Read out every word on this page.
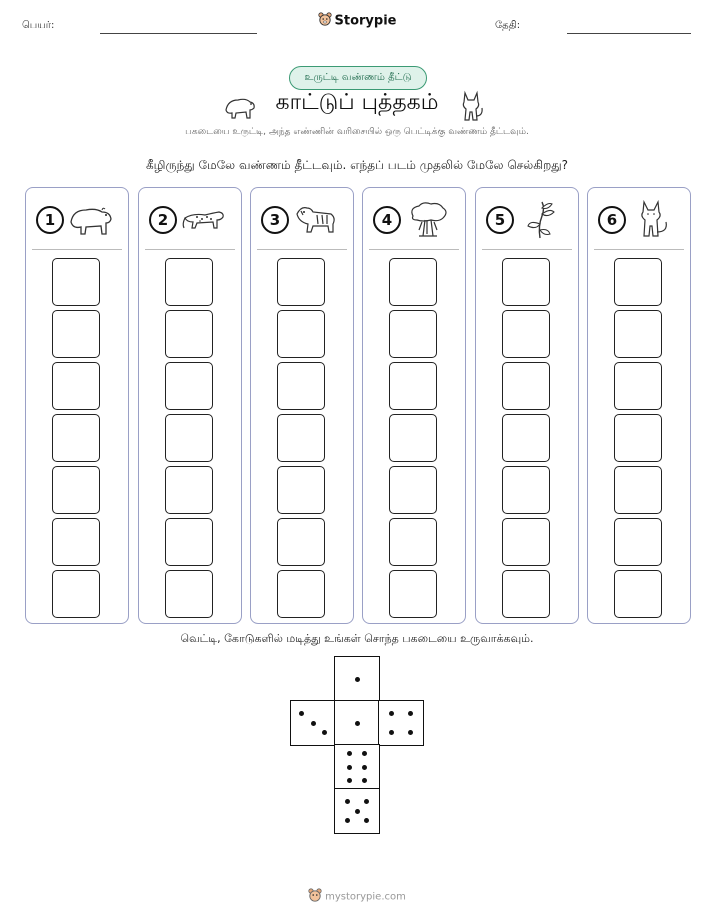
பெயர்:	Storypie	தேதி:
உருட்டி வண்ணம் தீட்டு
காட்டுப் புத்தகம்
பகடையை உருட்டி, அந்த எண்ணின் வரிசையில் ஒரு பெட்டிக்கு வண்ணம் தீட்டவும்.
கீழிருந்து மேலே வண்ணம் தீட்டவும். எந்தப் படம் முதலில் மேலே செல்கிறது?
1	2	3	4	5	6
வெட்டி, கோடுகளில் மடித்து உங்கள் சொந்த பகடையை உருவாக்கவும்.
mystorypie.com
